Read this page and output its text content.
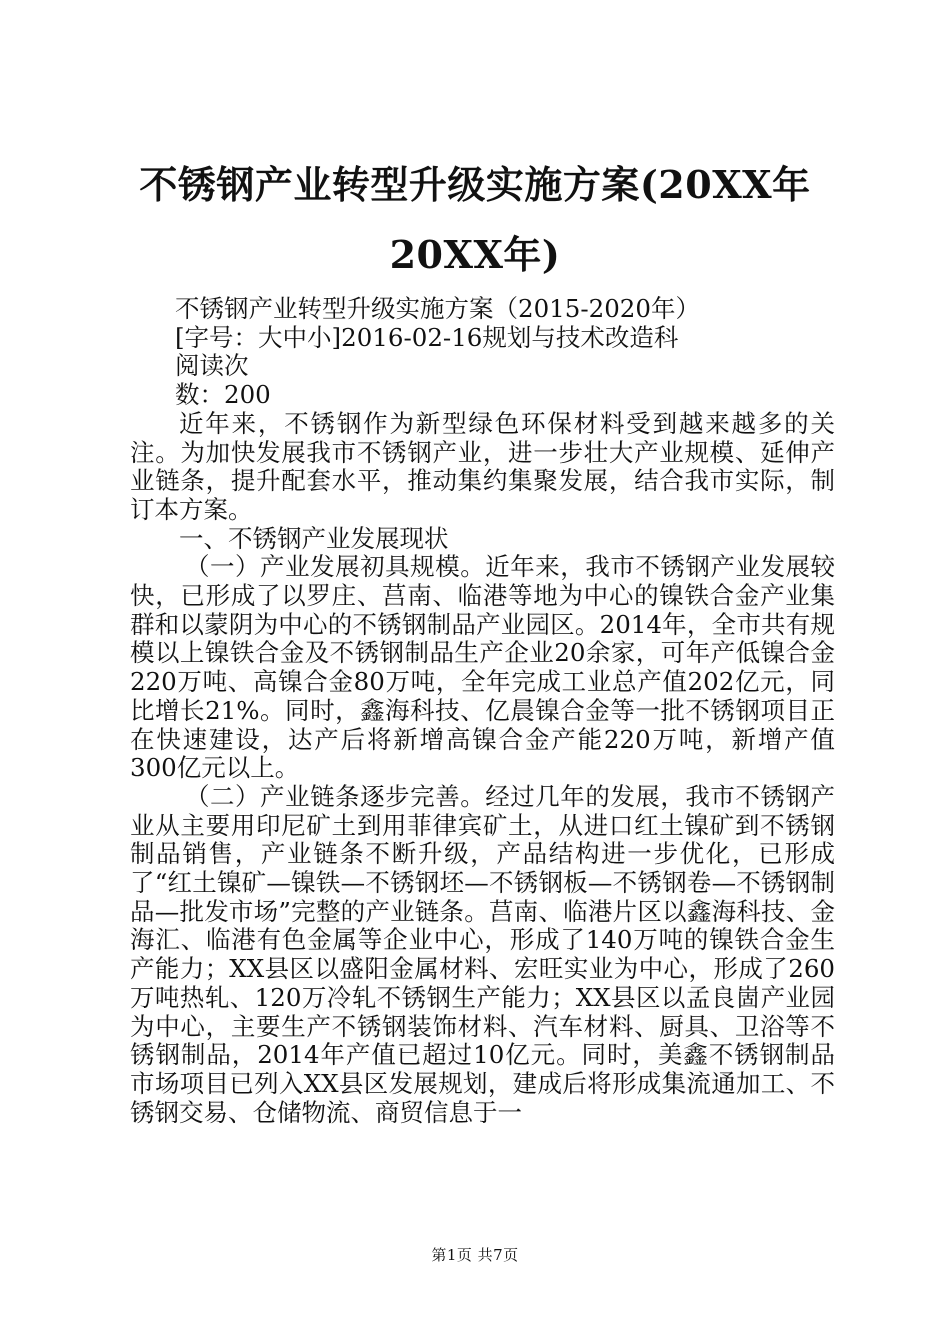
不锈钢产业转型升级实施方案(20XX年20XX年)

不锈钢产业转型升级实施方案（2015-2020年）

[字号：大中小]2016-02-16规划与技术改造科

阅读次

数：200

近年来，不锈钢作为新型绿色环保材料受到越来越多的关注。为加快发展我市不锈钢产业，进一步壮大产业规模、延伸产业链条，提升配套水平，推动集约集聚发展，结合我市实际，制订本方案。

一、不锈钢产业发展现状

（一）产业发展初具规模。近年来，我市不锈钢产业发展较快，已形成了以罗庄、莒南、临港等地为中心的镍铁合金产业集群和以蒙阴为中心的不锈钢制品产业园区。2014年，全市共有规模以上镍铁合金及不锈钢制品生产企业20余家，可年产低镍合金220万吨、高镍合金80万吨，全年完成工业总产值202亿元，同比增长21%。同时，鑫海科技、亿晨镍合金等一批不锈钢项目正在快速建设，达产后将新增高镍合金产能220万吨，新增产值300亿元以上。

（二）产业链条逐步完善。经过几年的发展，我市不锈钢产业从主要用印尼矿土到用菲律宾矿土，从进口红土镍矿到不锈钢制品销售，产业链条不断升级，产品结构进一步优化，已形成了“红土镍矿—镍铁—不锈钢坯—不锈钢板—不锈钢卷—不锈钢制品—批发市场”完整的产业链条。莒南、临港片区以鑫海科技、金海汇、临港有色金属等企业中心，形成了140万吨的镍铁合金生产能力；XX县区以盛阳金属材料、宏旺实业为中心，形成了260万吨热轧、120万冷轧不锈钢生产能力；XX县区以孟良崮产业园为中心，主要生产不锈钢装饰材料、汽车材料、厨具、卫浴等不锈钢制品，2014年产值已超过10亿元。同时，美鑫不锈钢制品市场项目已列入XX县区发展规划，建成后将形成集流通加工、不锈钢交易、仓储物流、商贸信息于一

第1页 共7页
